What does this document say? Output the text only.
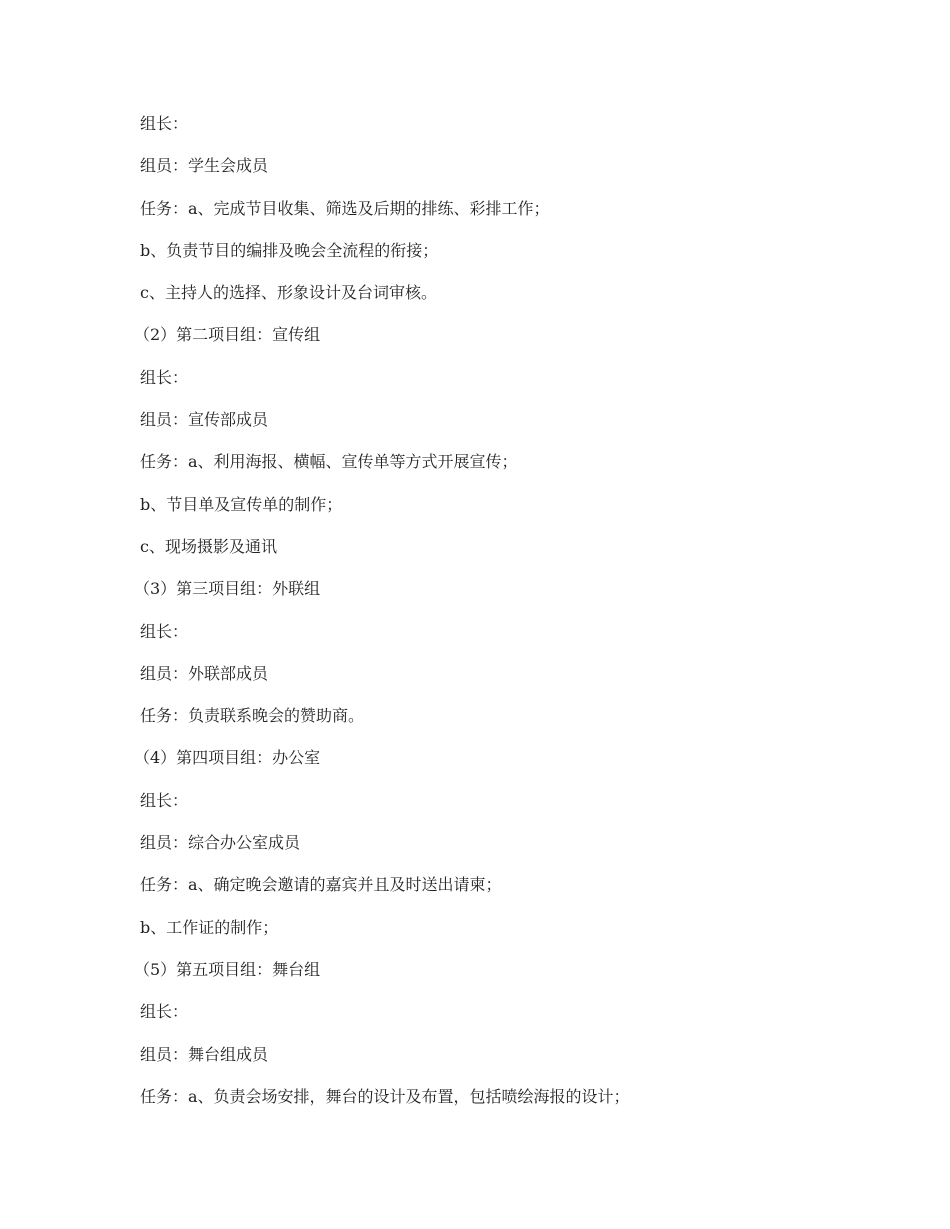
组长：
组员：学生会成员
任务：a、完成节目收集、筛选及后期的排练、彩排工作；
b、负责节目的编排及晚会全流程的衔接；
c、主持人的选择、形象设计及台词审核。
（2）第二项目组：宣传组
组长：
组员：宣传部成员
任务：a、利用海报、横幅、宣传单等方式开展宣传；
b、节目单及宣传单的制作；
c、现场摄影及通讯
（3）第三项目组：外联组
组长：
组员：外联部成员
任务：负责联系晚会的赞助商。
（4）第四项目组：办公室
组长：
组员：综合办公室成员
任务：a、确定晚会邀请的嘉宾并且及时送出请柬；
b、工作证的制作；
（5）第五项目组：舞台组
组长：
组员：舞台组成员
任务：a、负责会场安排，舞台的设计及布置，包括喷绘海报的设计；
